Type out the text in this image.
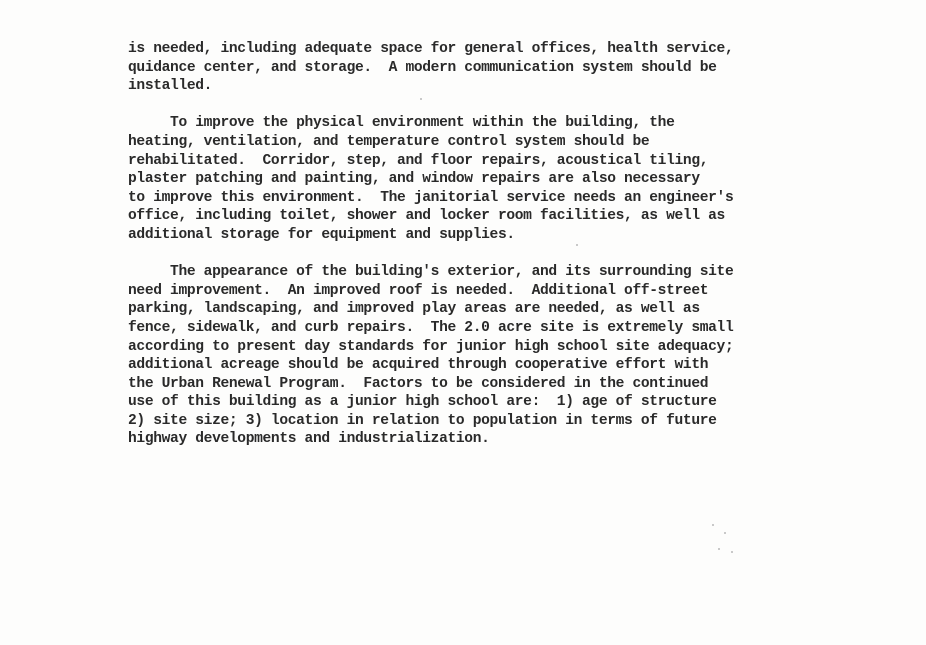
is needed, including adequate space for general offices, health service,
quidance center, and storage.  A modern communication system should be
installed.
To improve the physical environment within the building, the
heating, ventilation, and temperature control system should be
rehabilitated.  Corridor, step, and floor repairs, acoustical tiling,
plaster patching and painting, and window repairs are also necessary
to improve this environment.  The janitorial service needs an engineer's
office, including toilet, shower and locker room facilities, as well as
additional storage for equipment and supplies.
The appearance of the building's exterior, and its surrounding site
need improvement.  An improved roof is needed.  Additional off-street
parking, landscaping, and improved play areas are needed, as well as
fence, sidewalk, and curb repairs.  The 2.0 acre site is extremely small
according to present day standards for junior high school site adequacy;
additional acreage should be acquired through cooperative effort with
the Urban Renewal Program.  Factors to be considered in the continued
use of this building as a junior high school are:  1) age of structure
2) site size; 3) location in relation to population in terms of future
highway developments and industrialization.
